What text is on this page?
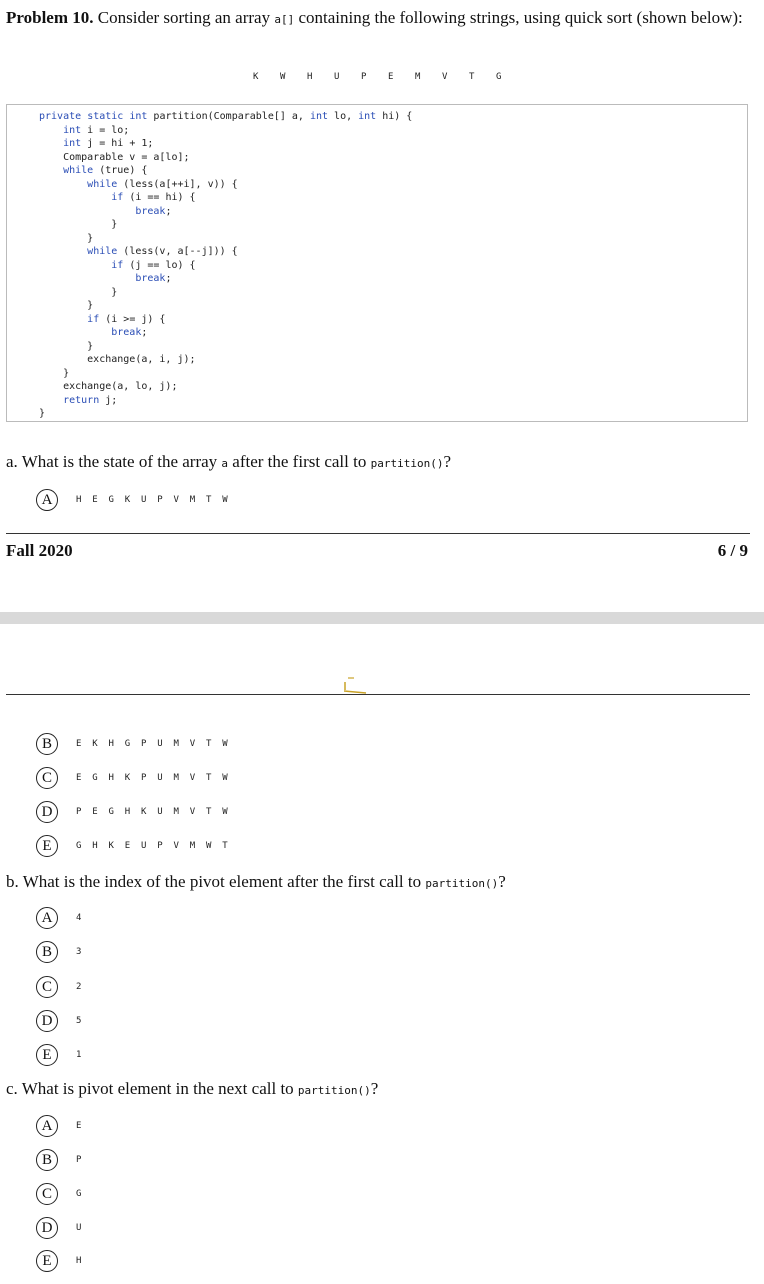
Problem 10. Consider sorting an array a[] containing the following strings, using quick sort (shown below):
K W H U P E M V T G
private static int partition(Comparable[] a, int lo, int hi) {
int i = lo;
int j = hi + 1;
Comparable v = a[lo];
while (true) {
while (less(a[++i], v)) {
if (i == hi) {
break;
}
}
while (less(v, a[--j])) {
if (j == lo) {
break;
}
}
if (i >= j) {
break;
}
exchange(a, i, j);
}
exchange(a, lo, j);
return j;
}
a. What is the state of the array a after the first call to partition()?
A	H  E  G  K  U  P  V  M  T  W
Fall 2020	6 / 9
B	E  K  H  G  P  U  M  V  T  W
C	E  G  H  K  P  U  M  V  T  W
D	P  E  G  H  K  U  M  V  T  W
E	G  H  K  E  U  P  V  M  W  T
b. What is the index of the pivot element after the first call to partition()?
A	4
B	3
C	2
D	5
E	1
c. What is pivot element in the next call to partition()?
A	E
B	P
C	G
D	U
E	H
